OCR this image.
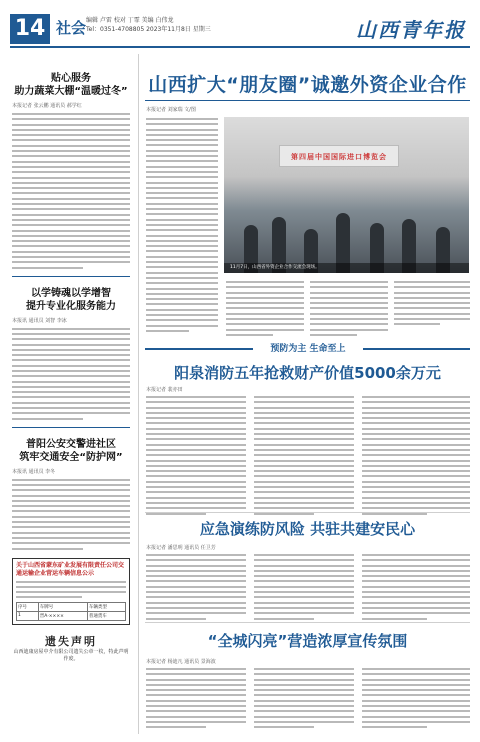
14 社会 编辑 卢雷 校对 丁霏 美编 白伟龙
Tel：0351-4708805 2023年11月8日 星期三	山西青年报
贴心服务
助力蔬菜大棚“温暖过冬”
本报记者 张云鹏 通讯员 郝学红
以学铸魂以学增智
提升专业化服务能力
本报讯 通讯员 刘智 李冰
普阳公安交警进社区
筑牢交通安全“防护网”
本报讯 通讯员 李冬
关于山西省蒙东矿业发展有限责任公司交通运输企业营运车辆信息公示
序号	车牌号	车辆类型
1	晋A·××××	普通货车
遗失声明
山西迪康房屋中介有限公司遗失公章一枚，特此声明作废。
山西扩大“朋友圈”诚邀外资企业合作
本报记者 刘家瑞 文/图
第四届中国国际进口博览会
11月7日，山西省外资企业合作交流会现场。
预防为主 生命至上
阳泉消防五年抢救财产价值5000余万元
本报记者 裴亦田
应急演练防风险 共驻共建安民心
本报记者 潘思明 通讯员 任卫芳
“全城闪亮”营造浓厚宣传氛围
本报记者 杨迪凡 通讯员 景海波
